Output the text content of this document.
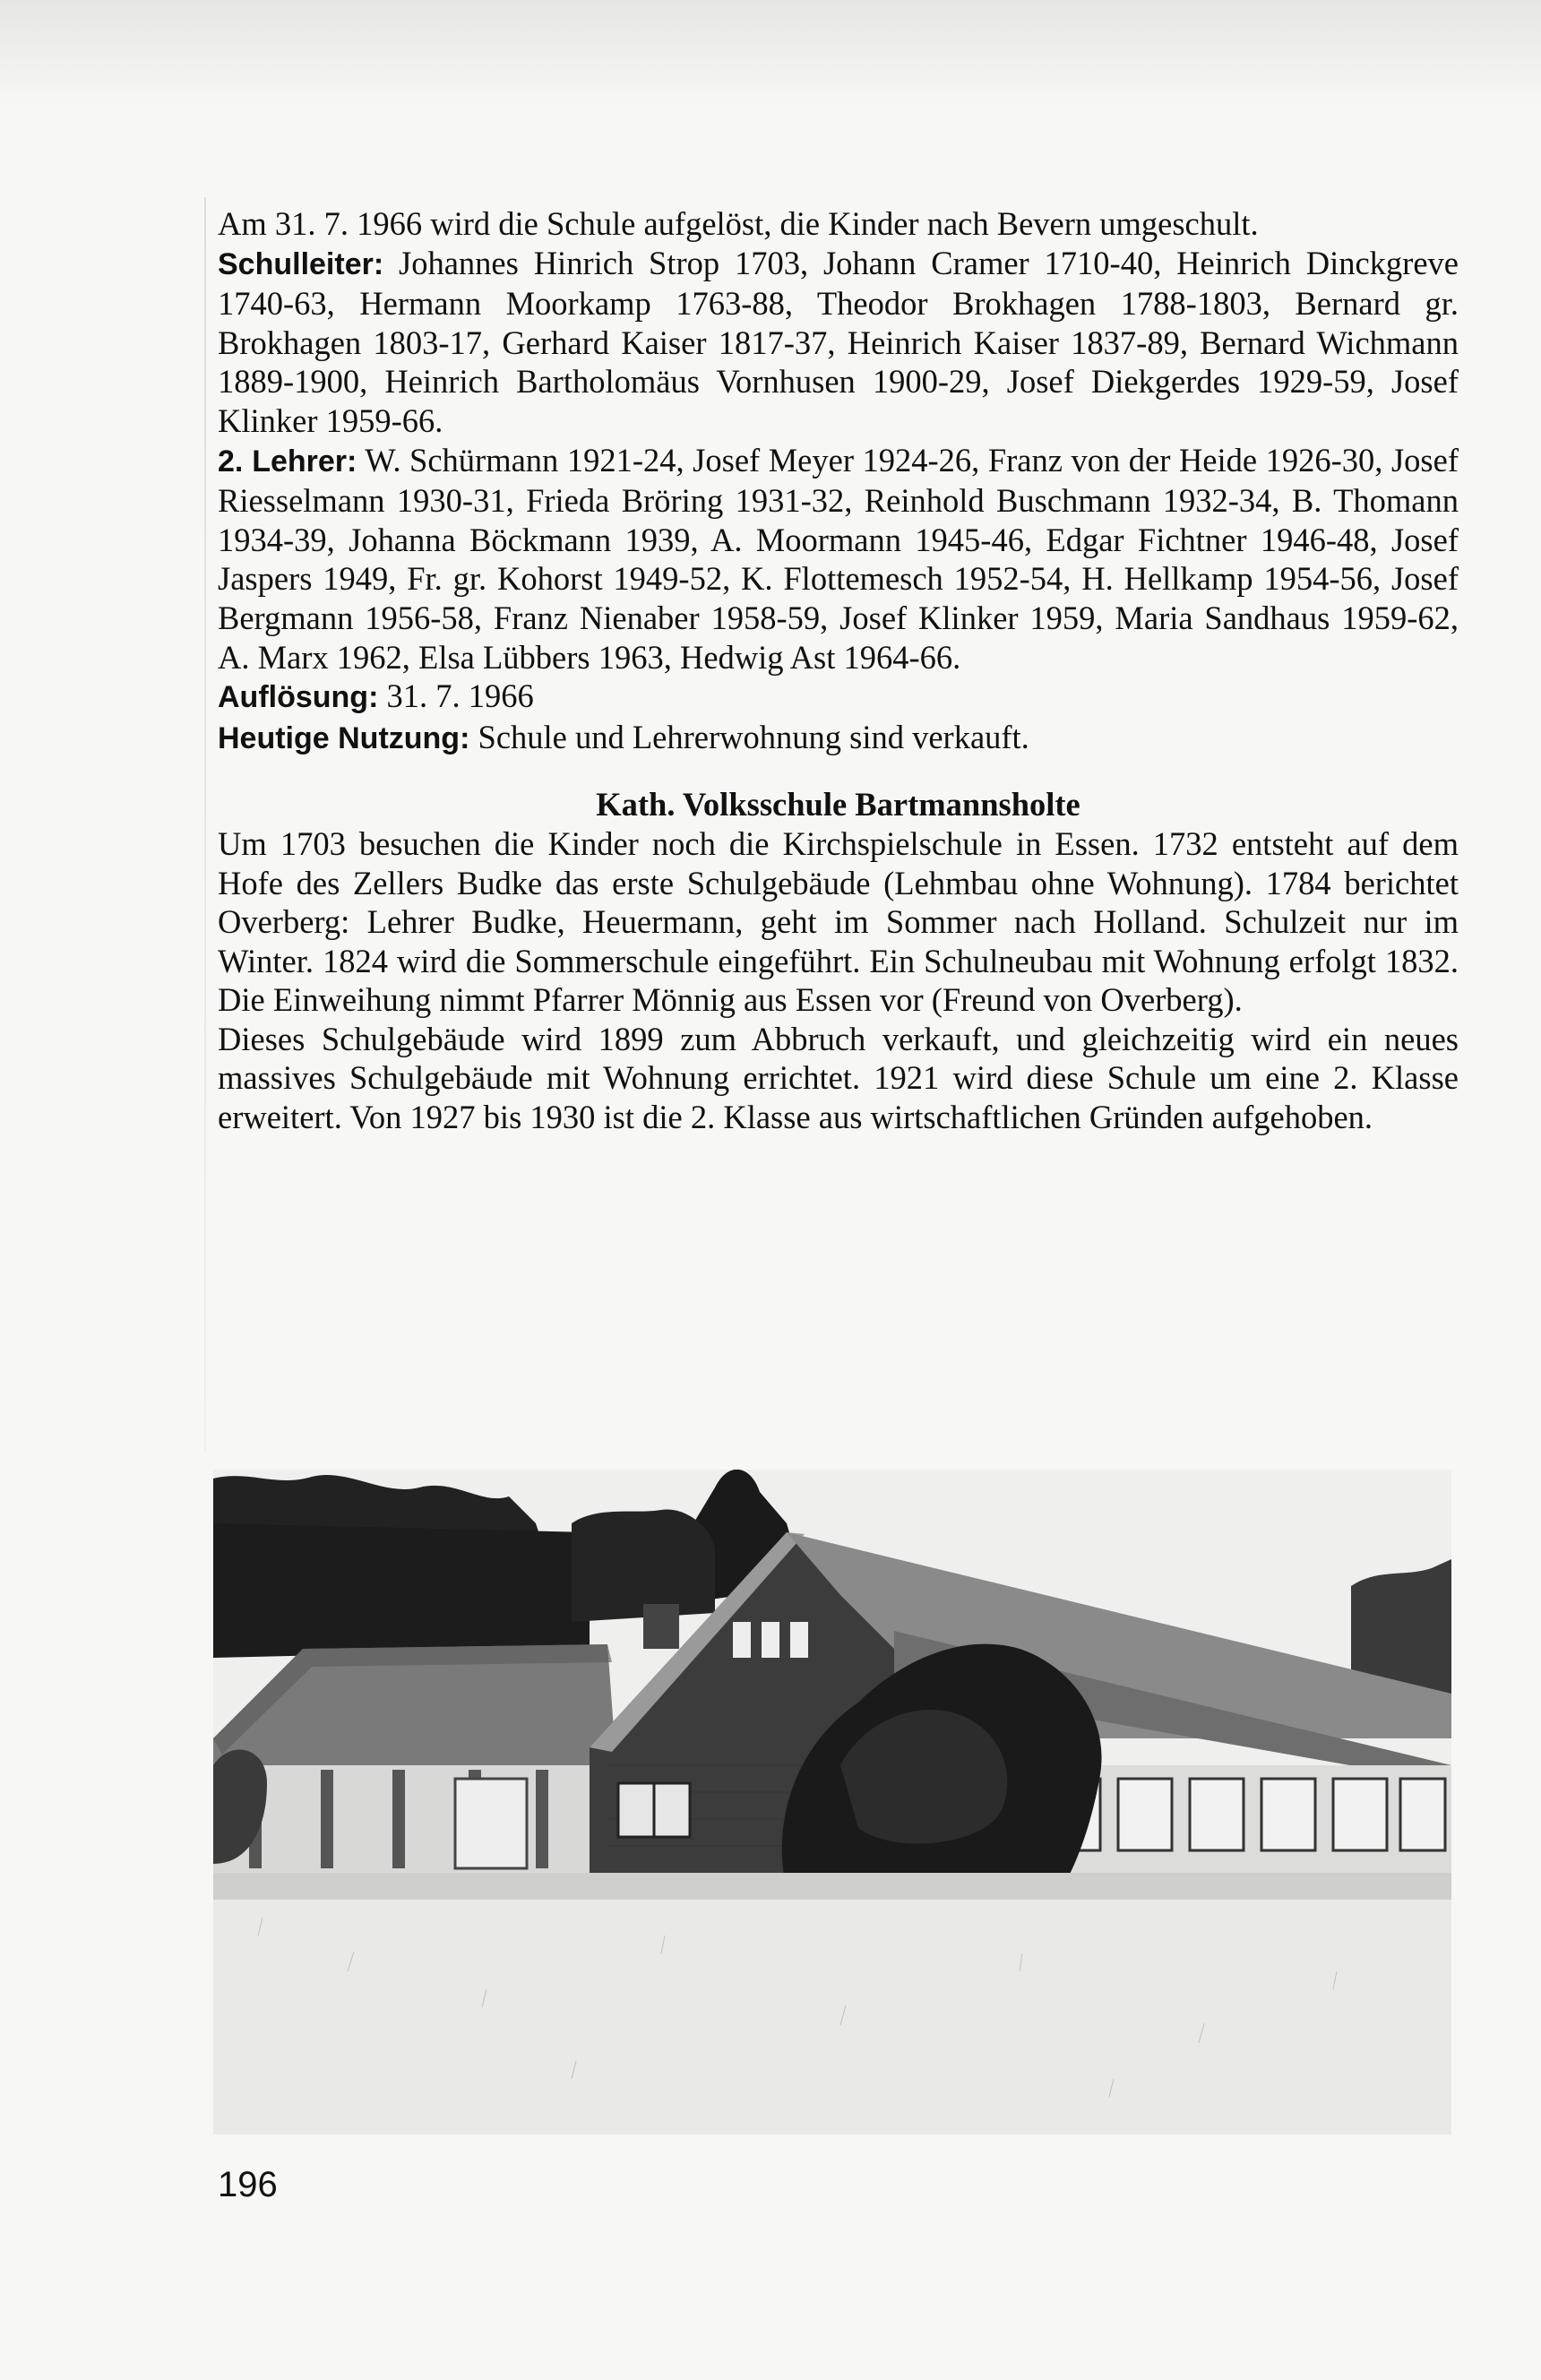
Am 31. 7. 1966 wird die Schule aufgelöst, die Kinder nach Bevern umgeschult.

Schulleiter: Johannes Hinrich Strop 1703, Johann Cramer 1710-40, Heinrich Dinckgreve 1740-63, Hermann Moorkamp 1763-88, Theodor Brokhagen 1788-1803, Bernard gr. Brokhagen 1803-17, Gerhard Kaiser 1817-37, Heinrich Kaiser 1837-89, Bernard Wichmann 1889-1900, Heinrich Bartholomäus Vornhusen 1900-29, Josef Diekgerdes 1929-59, Josef Klinker 1959-66.

2. Lehrer: W. Schürmann 1921-24, Josef Meyer 1924-26, Franz von der Heide 1926-30, Josef Riesselmann 1930-31, Frieda Bröring 1931-32, Reinhold Buschmann 1932-34, B. Thomann 1934-39, Johanna Böckmann 1939, A. Moormann 1945-46, Edgar Fichtner 1946-48, Josef Jaspers 1949, Fr. gr. Kohorst 1949-52, K. Flottemesch 1952-54, H. Hellkamp 1954-56, Josef Bergmann 1956-58, Franz Nienaber 1958-59, Josef Klinker 1959, Maria Sandhaus 1959-62, A. Marx 1962, Elsa Lübbers 1963, Hedwig Ast 1964-66.

Auflösung: 31. 7. 1966

Heutige Nutzung: Schule und Lehrerwohnung sind verkauft.

Kath. Volksschule Bartmannsholte

Um 1703 besuchen die Kinder noch die Kirchspielschule in Essen. 1732 entsteht auf dem Hofe des Zellers Budke das erste Schulgebäude (Lehmbau ohne Wohnung). 1784 berichtet Overberg: Lehrer Budke, Heuermann, geht im Sommer nach Holland. Schulzeit nur im Winter. 1824 wird die Sommerschule eingeführt. Ein Schulneubau mit Wohnung erfolgt 1832. Die Einweihung nimmt Pfarrer Mönnig aus Essen vor (Freund von Overberg).

Dieses Schulgebäude wird 1899 zum Abbruch verkauft, und gleichzeitig wird ein neues massives Schulgebäude mit Wohnung errichtet. 1921 wird diese Schule um eine 2. Klasse erweitert. Von 1927 bis 1930 ist die 2. Klasse aus wirtschaftlichen Gründen aufgehoben.

196
